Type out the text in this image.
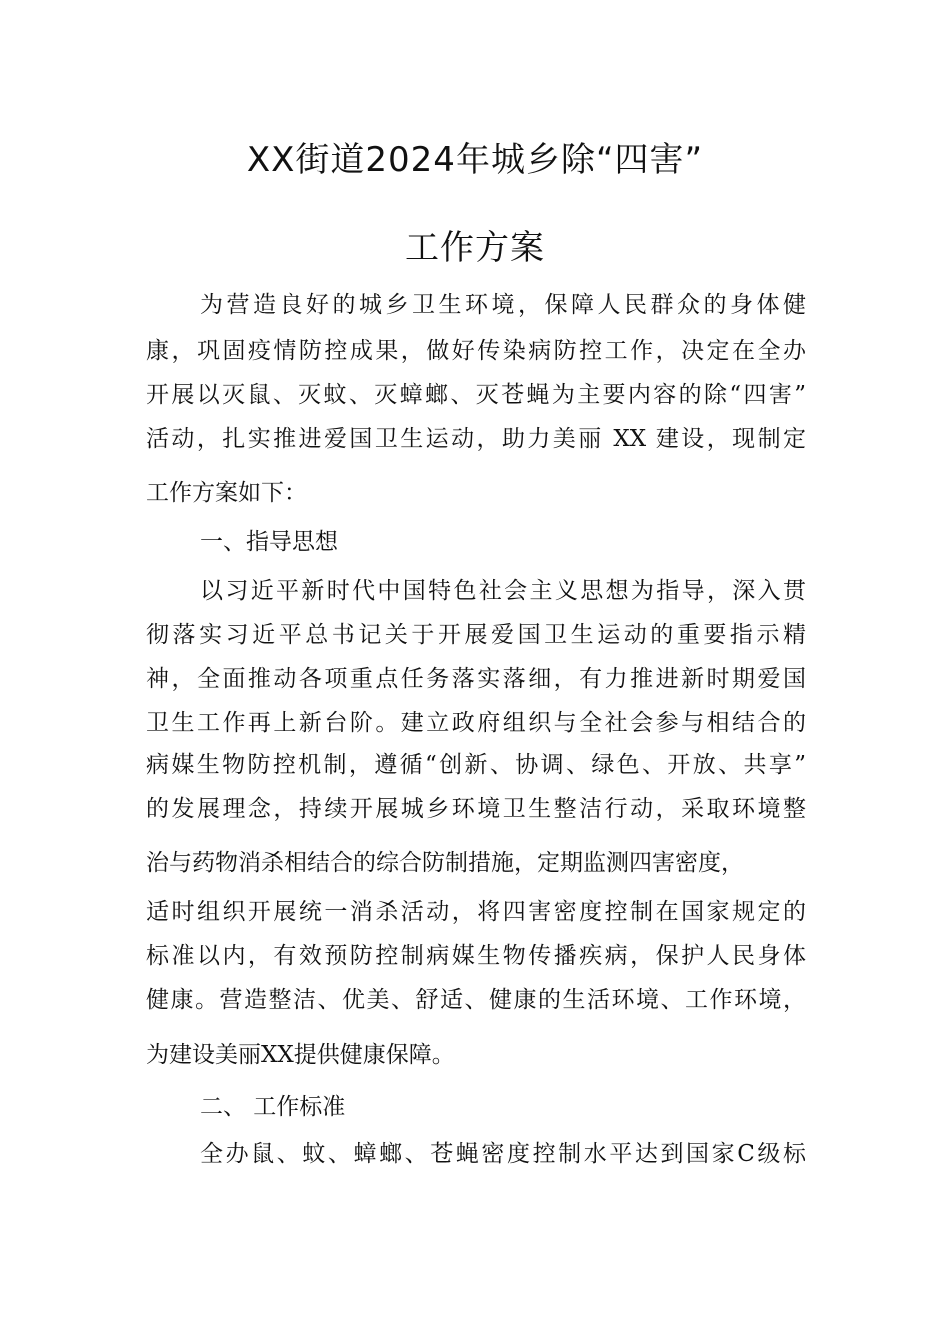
XX街道2024年城乡除“四害”
工作方案
为营造良好的城乡卫生环境，保障人民群众的身体健
康，巩固疫情防控成果，做好传染病防控工作，决定在全办
开展以灭鼠、灭蚊、灭蟑螂、灭苍蝇为主要内容的除“四害”
活动，扎实推进爱国卫生运动，助力美丽 XX 建设，现制定
工作方案如下：
一、指导思想
以习近平新时代中国特色社会主义思想为指导，深入贯
彻落实习近平总书记关于开展爱国卫生运动的重要指示精
神，全面推动各项重点任务落实落细，有力推进新时期爱国
卫生工作再上新台阶。建立政府组织与全社会参与相结合的
病媒生物防控机制，遵循“创新、协调、绿色、开放、共享”
的发展理念，持续开展城乡环境卫生整洁行动，采取环境整
治与药物消杀相结合的综合防制措施，定期监测四害密度，
适时组织开展统一消杀活动，将四害密度控制在国家规定的
标准以内，有效预防控制病媒生物传播疾病，保护人民身体
健康。营造整洁、优美、舒适、健康的生活环境、工作环境，
为建设美丽XX提供健康保障。
二、 工作标准
全办鼠、蚊、蟑螂、苍蝇密度控制水平达到国家C级标
